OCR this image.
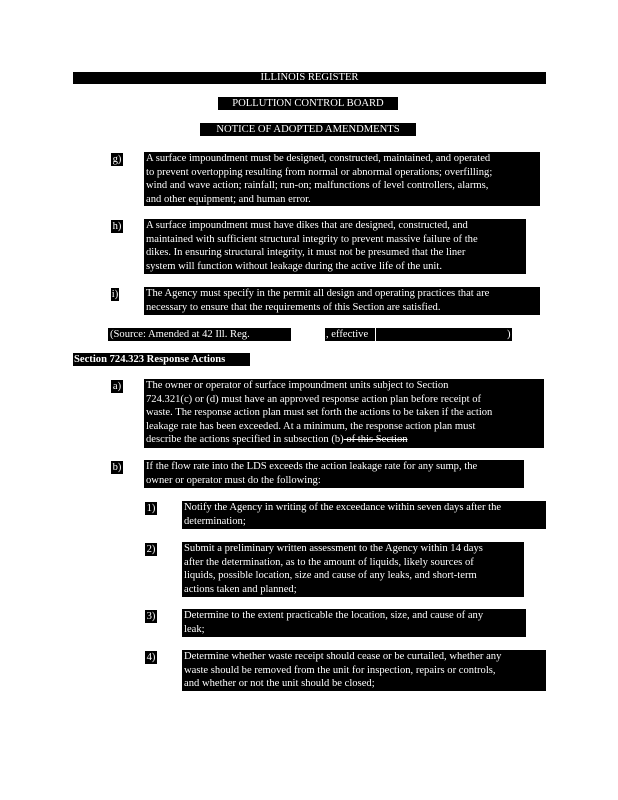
ILLINOIS REGISTER
POLLUTION CONTROL BOARD
NOTICE OF ADOPTED AMENDMENTS
g) A surface impoundment must be designed, constructed, maintained, and operated
to prevent overtopping resulting from normal or abnormal operations; overfilling;
wind and wave action; rainfall; run-on; malfunctions of level controllers, alarms,
and other equipment; and human error.
h) A surface impoundment must have dikes that are designed, constructed, and
maintained with sufficient structural integrity to prevent massive failure of the
dikes. In ensuring structural integrity, it must not be presumed that the liner
system will function without leakage during the active life of the unit.
i)	The Agency must specify in the permit all design and operating practices that are
necessary to ensure that the requirements of this Section are satisfied.
(Source: Amended at 42 Ill. Reg.	, effective	)
Section 724.323 Response Actions
a) The owner or operator of surface impoundment units subject to Section
724.321(c) or (d) must have an approved response action plan before receipt of
waste. The response action plan must set forth the actions to be taken if the action
leakage rate has been exceeded. At a minimum, the response action plan must
describe the actions specified in subsection (b) of this Section
b) If the flow rate into the LDS exceeds the action leakage rate for any sump, the
owner or operator must do the following:
1)	Notify the Agency in writing of the exceedance within seven days after the
determination;
2)	Submit a preliminary written assessment to the Agency within 14 days
after the determination, as to the amount of liquids, likely sources of
liquids, possible location, size and cause of any leaks, and short-term
actions taken and planned;
3)	Determine to the extent practicable the location, size, and cause of any
leak;
4)	Determine whether waste receipt should cease or be curtailed, whether any
waste should be removed from the unit for inspection, repairs or controls,
and whether or not the unit should be closed;
